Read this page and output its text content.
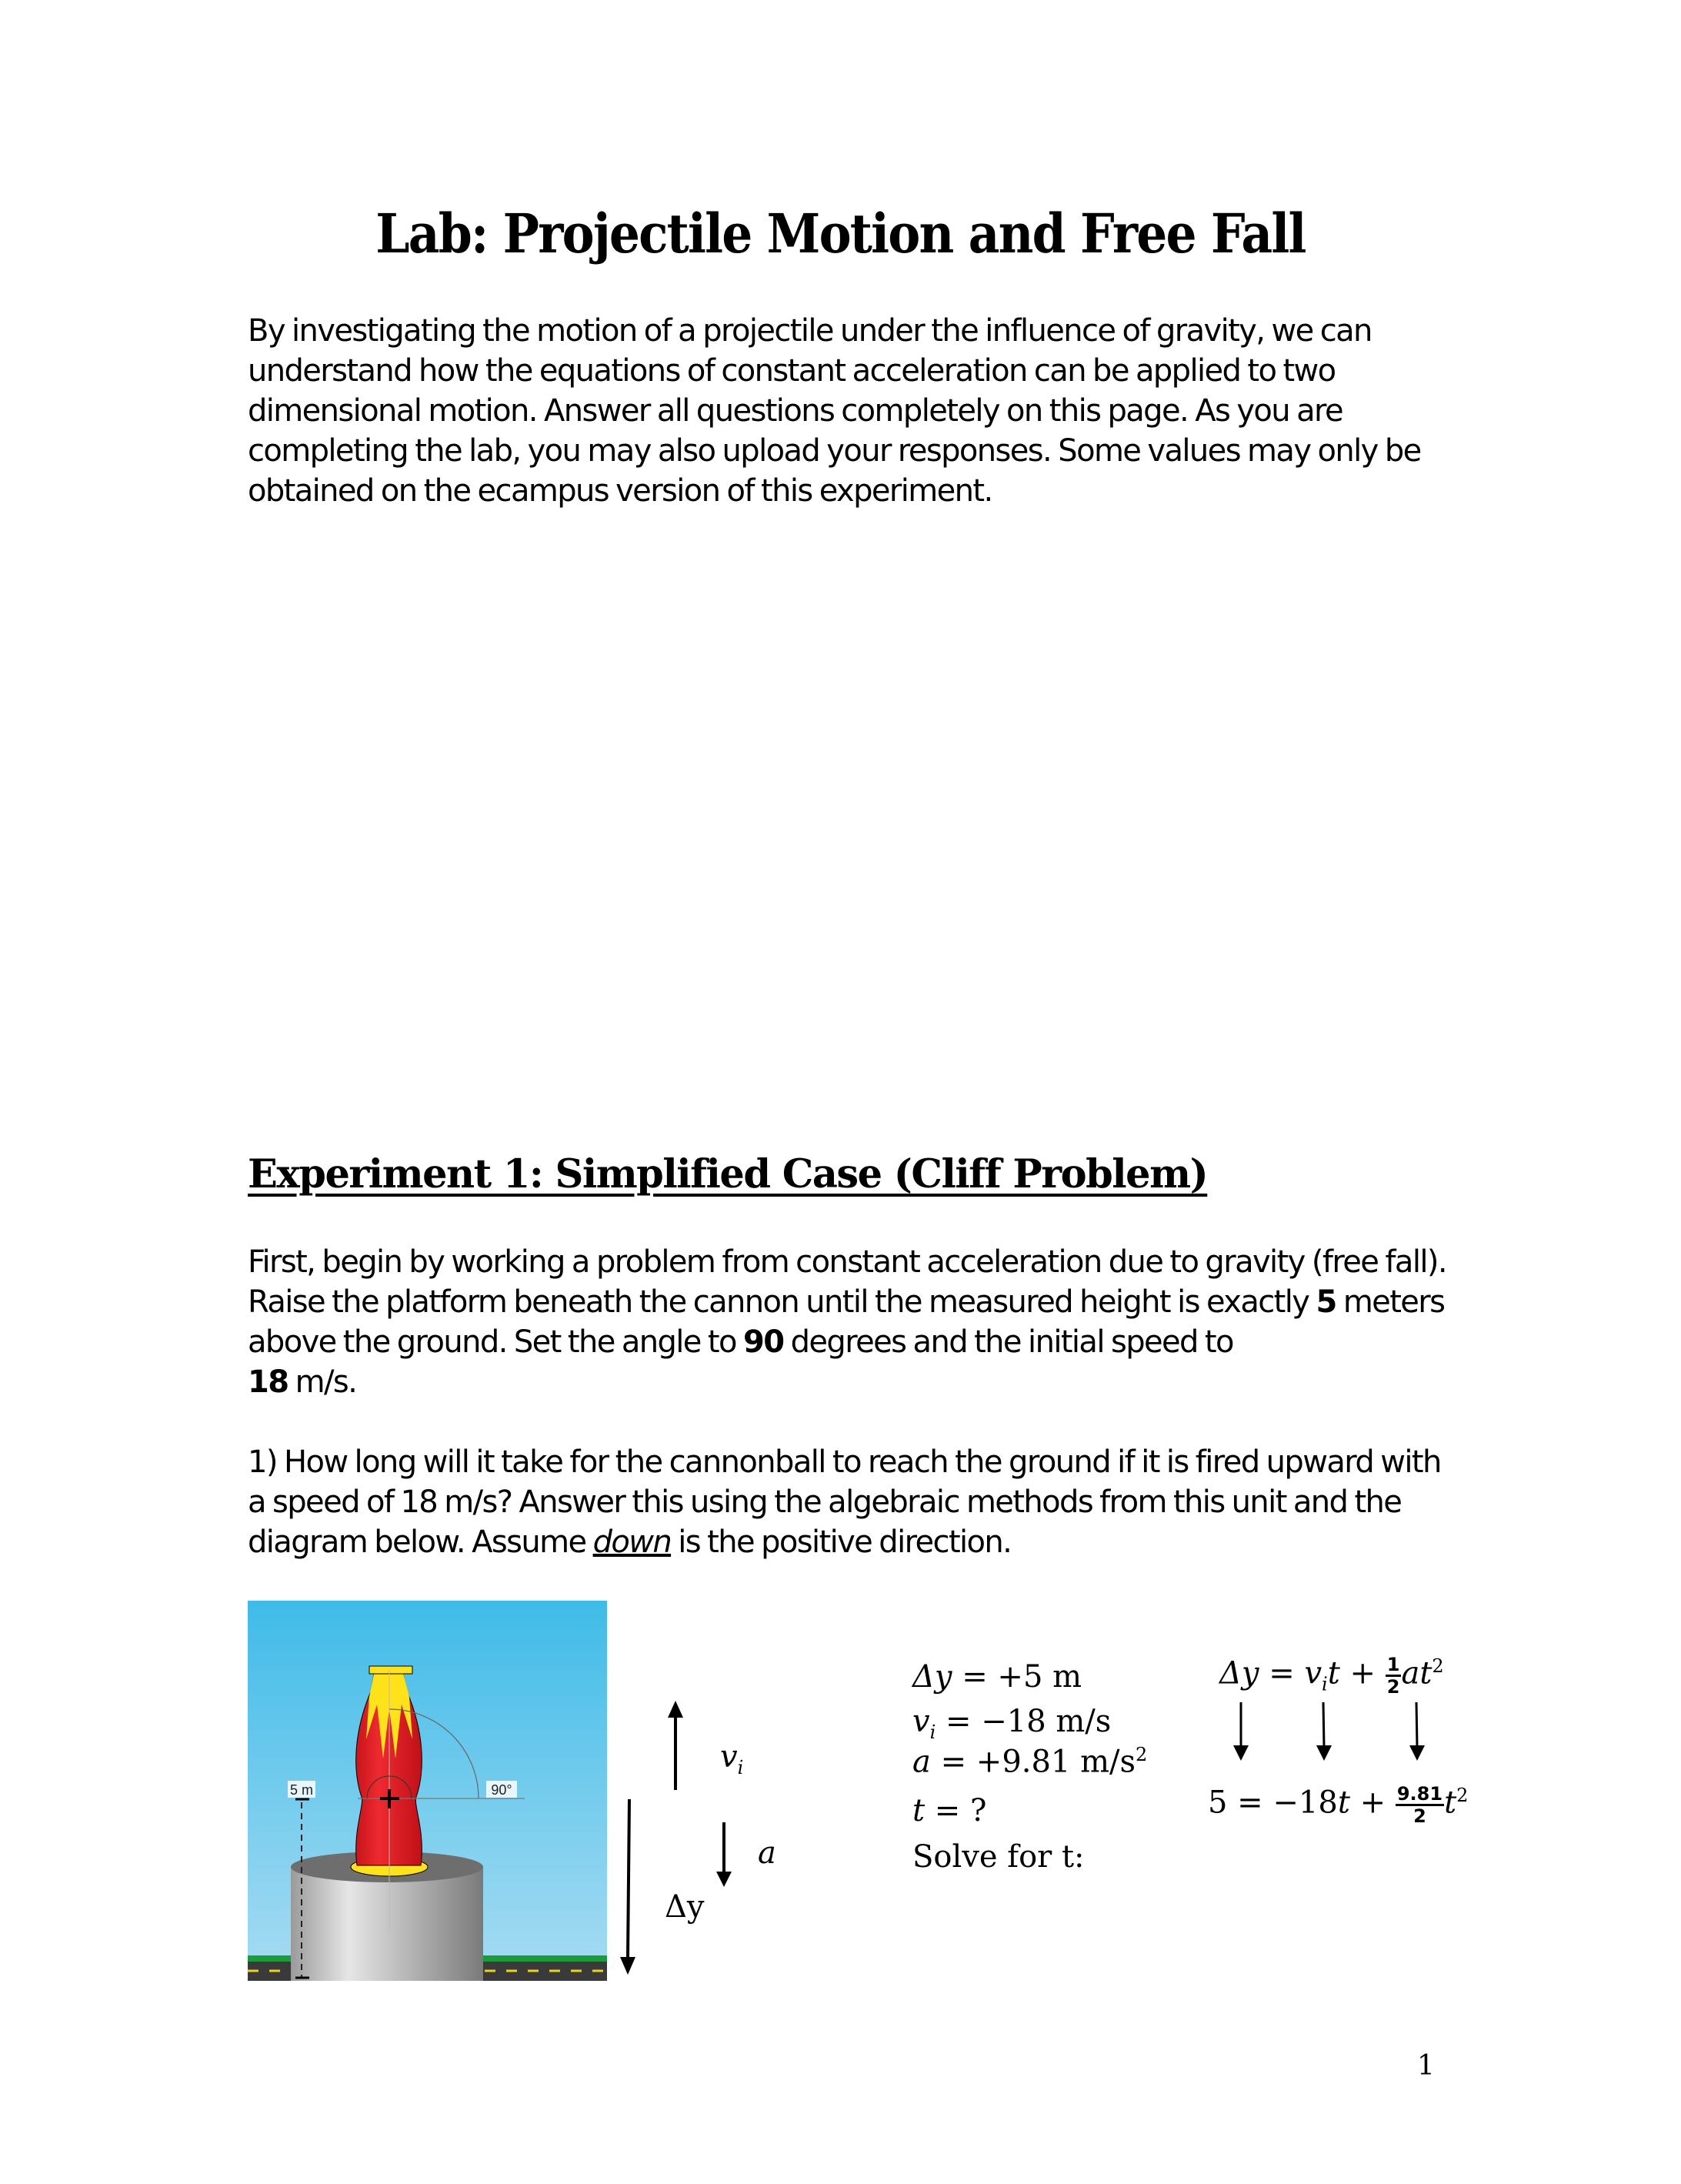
Lab: Projectile Motion and Free Fall
By investigating the motion of a projectile under the influence of gravity, we can understand how the equations of constant acceleration can be applied to two dimensional motion. Answer all questions completely on this page. As you are completing the lab, you may also upload your responses. Some values may only be obtained on the ecampus version of this experiment.
Experiment 1: Simplified Case (Cliff Problem)
First, begin by working a problem from constant acceleration due to gravity (free fall). Raise the platform beneath the cannon until the measured height is exactly 5 meters above the ground. Set the angle to 90 degrees and the initial speed to
18 m/s.
1) How long will it take for the cannonball to reach the ground if it is fired upward with a speed of 18 m/s? Answer this using the algebraic methods from this unit and the diagram below. Assume down is the positive direction.
5 m	90°
$v_i$
a
Δy
Δy = +5 m
$v_i = -18$ m/s
a = +9.81 $m/s^2$
t = ?
Solve for t:
$\Delta y = v_it + \frac{1}{2} at^2$
$5 = -18t + \frac{9.81}{2} t^2$
1
